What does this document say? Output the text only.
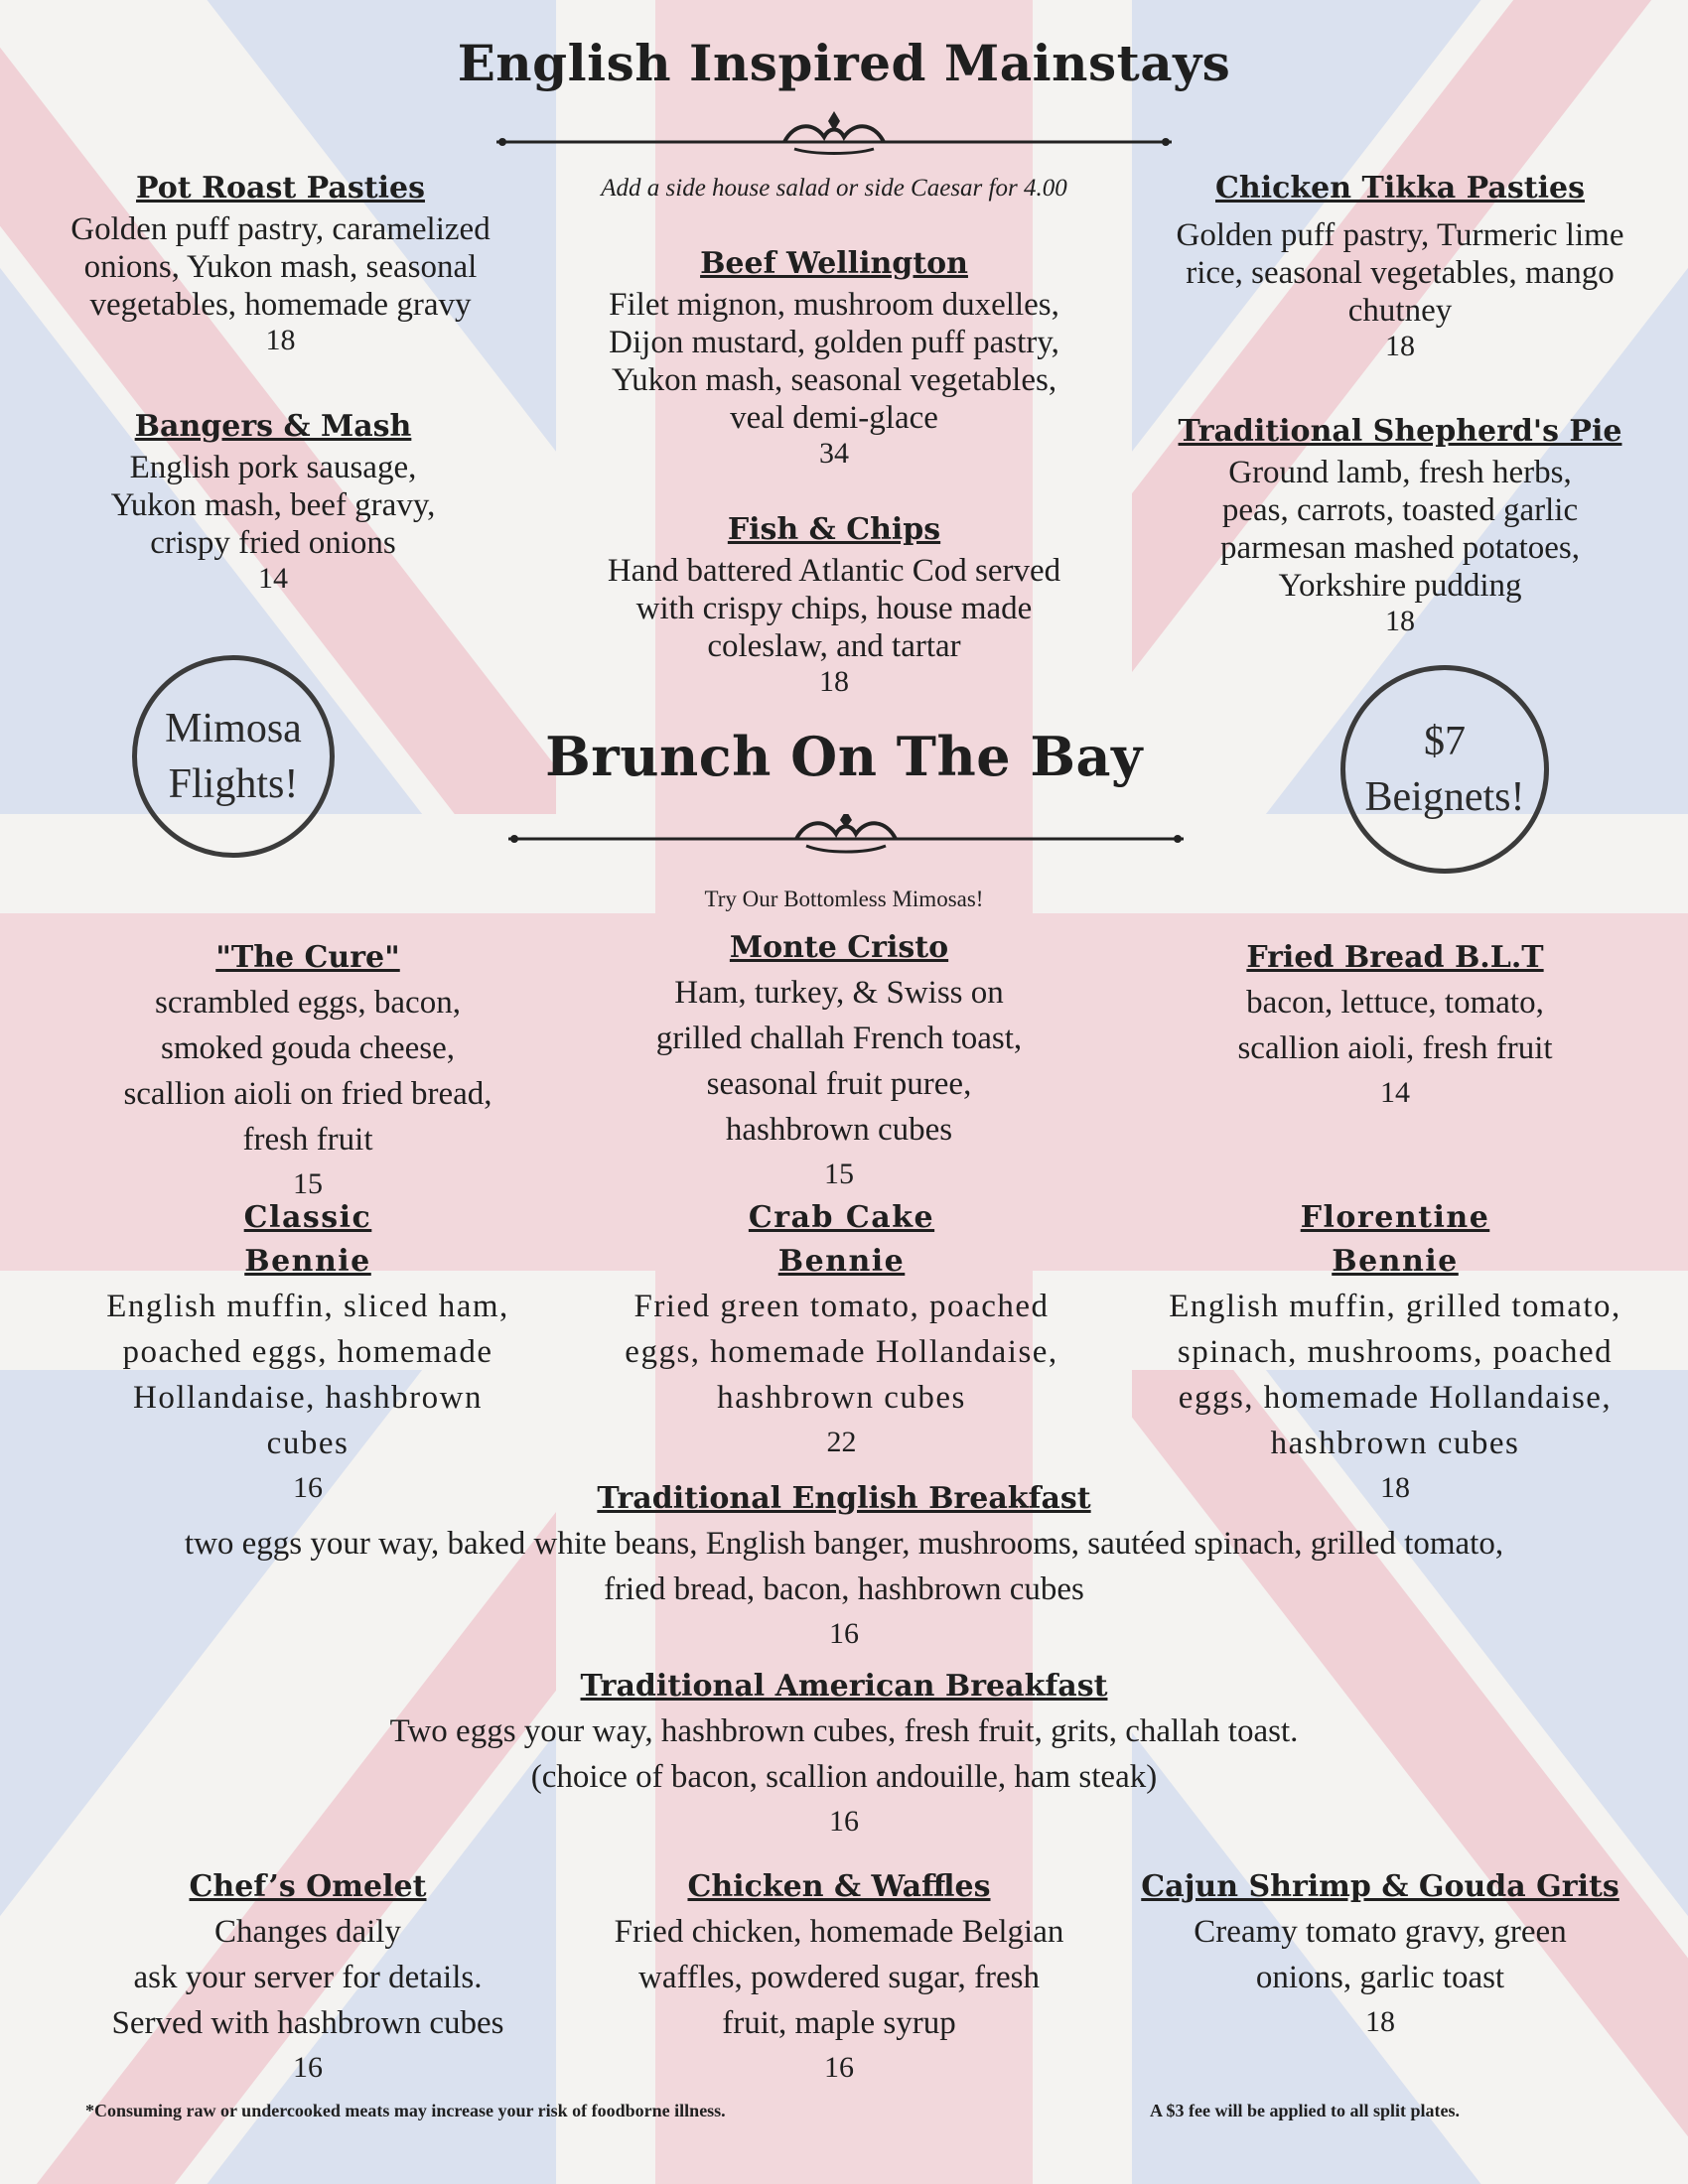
English Inspired Mainstays
Add a side house salad or side Caesar for 4.00
Pot Roast Pasties
Golden puff pastry, caramelized
onions, Yukon mash, seasonal
vegetables, homemade gravy
18
Bangers & Mash
English pork sausage,
Yukon mash, beef gravy,
crispy fried onions
14
Beef Wellington
Filet mignon, mushroom duxelles,
Dijon mustard, golden puff pastry,
Yukon mash, seasonal vegetables,
veal demi-glace
34
Fish & Chips
Hand battered Atlantic Cod served
with crispy chips, house made
coleslaw, and tartar
18
Chicken Tikka Pasties
Golden puff pastry, Turmeric lime
rice, seasonal vegetables, mango
chutney
18
Traditional Shepherd's Pie
Ground lamb, fresh herbs,
peas, carrots, toasted garlic
parmesan mashed potatoes,
Yorkshire pudding
18
Mimosa
Flights!
$7
Beignets!
Brunch On The Bay
Try Our Bottomless Mimosas!
"The Cure"
scrambled eggs, bacon,
smoked gouda cheese,
scallion aioli on fried bread,
fresh fruit
15
Monte Cristo
Ham, turkey, & Swiss on
grilled challah French toast,
seasonal fruit puree,
hashbrown cubes
15
Fried Bread B.L.T
bacon, lettuce, tomato,
scallion aioli, fresh fruit
14
Classic
Bennie
English muffin, sliced ham,
poached eggs, homemade
Hollandaise, hashbrown
cubes
16
Crab Cake
Bennie
Fried green tomato, poached
eggs, homemade Hollandaise,
hashbrown cubes
22
Florentine
Bennie
English muffin, grilled tomato,
spinach, mushrooms, poached
eggs, homemade Hollandaise,
hashbrown cubes
18
Traditional English Breakfast
two eggs your way, baked white beans, English banger, mushrooms, sautéed spinach, grilled tomato,
fried bread, bacon, hashbrown cubes
16
Traditional American Breakfast
Two eggs your way, hashbrown cubes, fresh fruit, grits, challah toast.
(choice of bacon, scallion andouille, ham steak)
16
Chef’s Omelet
Changes daily
ask your server for details.
Served with hashbrown cubes
16
Chicken & Waffles
Fried chicken, homemade Belgian
waffles, powdered sugar, fresh
fruit, maple syrup
16
Cajun Shrimp & Gouda Grits
Creamy tomato gravy, green
onions, garlic toast
18
*Consuming raw or undercooked meats may increase your risk of foodborne illness.	A $3 fee will be applied to all split plates.
